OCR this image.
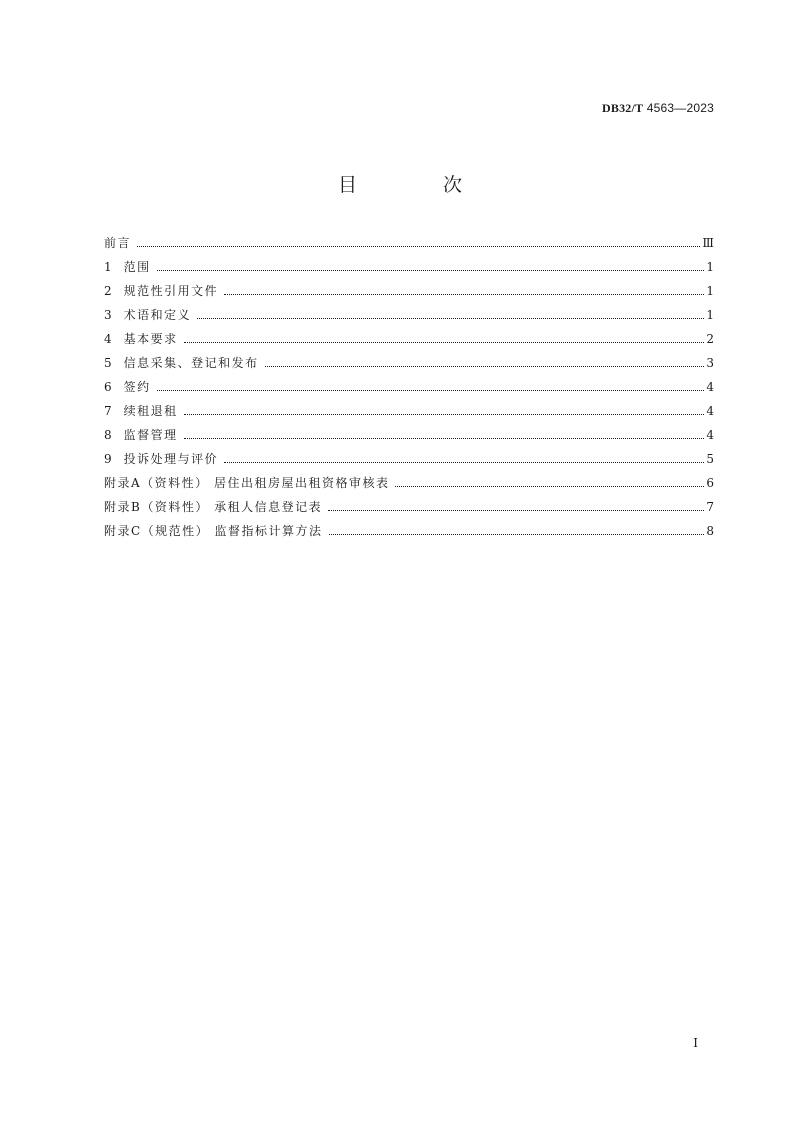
DB32/T 4563—2023
目 次
前言	Ⅲ
1 范围	1
2 规范性引用文件	1
3 术语和定义	1
4 基本要求	2
5 信息采集、登记和发布	3
6 签约	4
7 续租退租	4
8 监督管理	4
9 投诉处理与评价	5
附录A（资料性） 居住出租房屋出租资格审核表	6
附录B（资料性） 承租人信息登记表	7
附录C（规范性） 监督指标计算方法	8
Ⅰ
